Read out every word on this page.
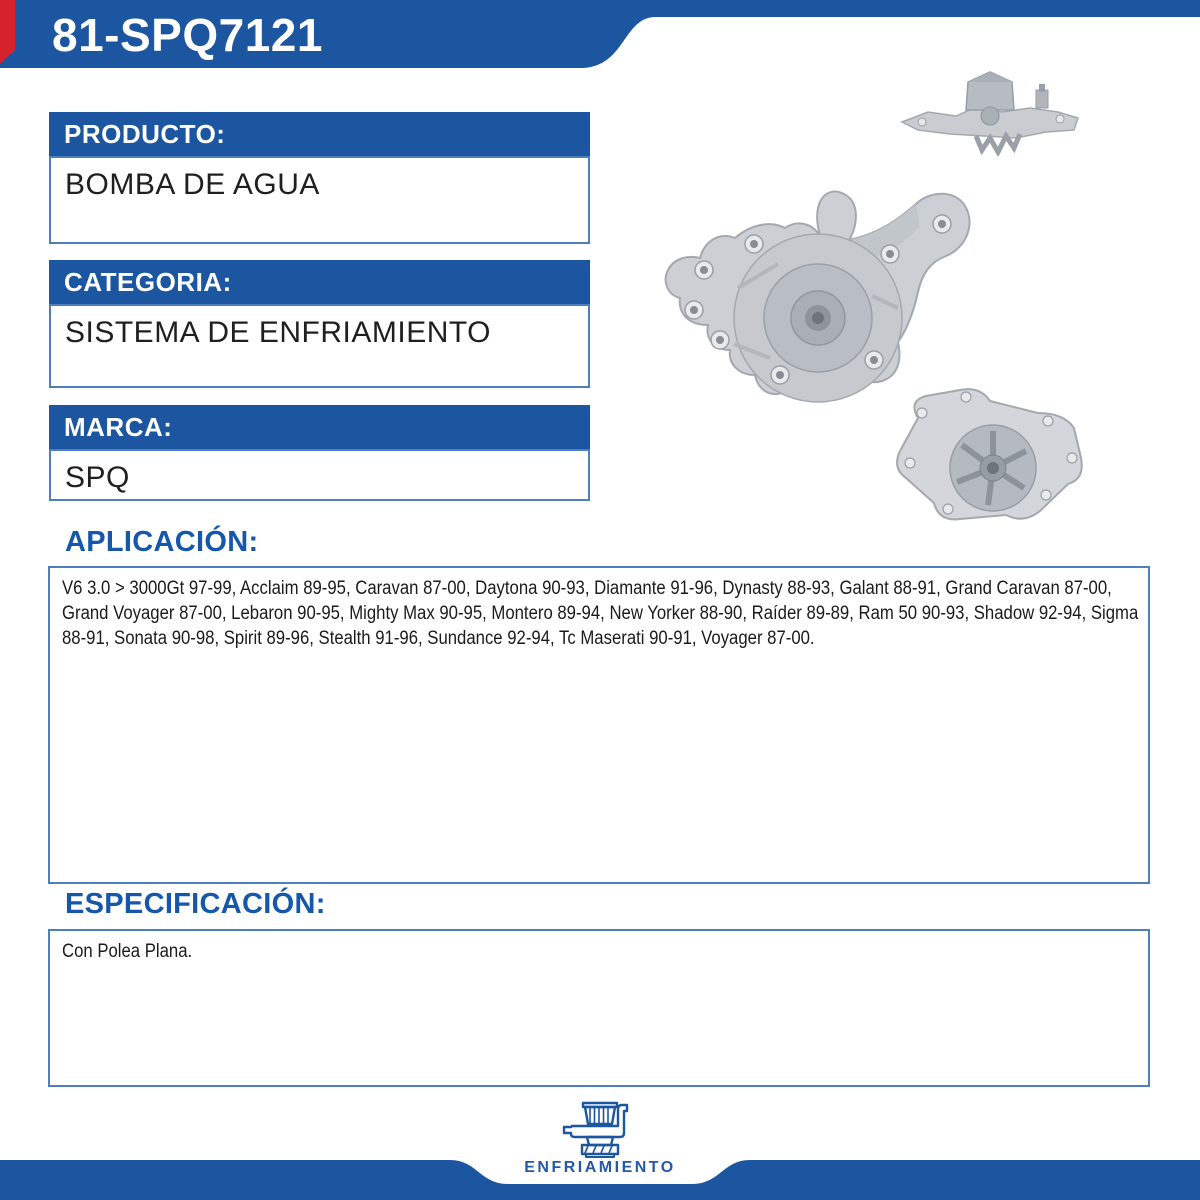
81-SPQ7121
PRODUCTO:
BOMBA DE AGUA
CATEGORIA:
SISTEMA DE ENFRIAMIENTO
MARCA:
SPQ
APLICACIÓN:
V6 3.0 > 3000Gt 97-99, Acclaim 89-95, Caravan 87-00, Daytona 90-93, Diamante 91-96, Dynasty 88-93, Galant 88-91, Grand Caravan 87-00, Grand Voyager 87-00, Lebaron 90-95, Mighty Max 90-95, Montero 89-94, New Yorker 88-90, Raíder 89-89, Ram 50 90-93, Shadow 92-94, Sigma 88-91, Sonata 90-98, Spirit 89-96, Stealth 91-96, Sundance 92-94, Tc Maserati 90-91, Voyager 87-00.
ESPECIFICACIÓN:
Con Polea Plana.
ENFRIAMIENTO
